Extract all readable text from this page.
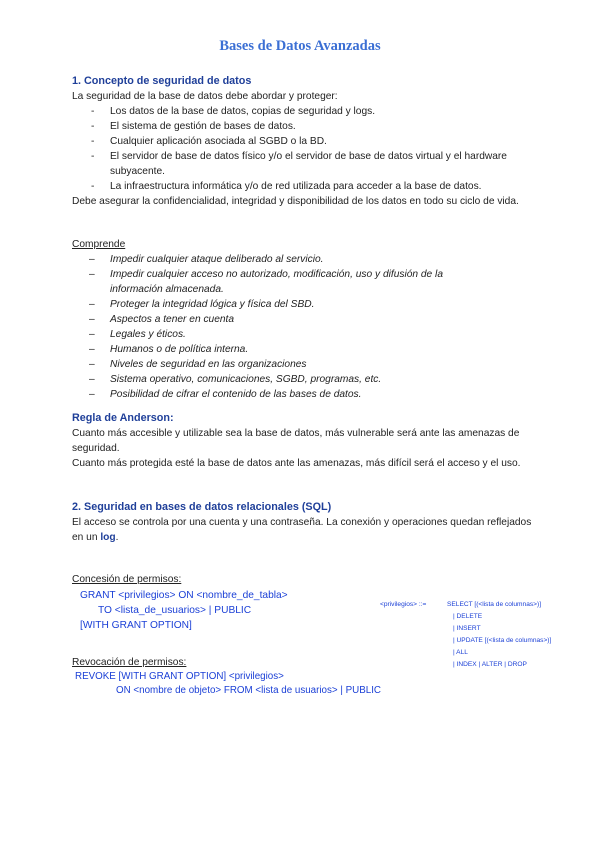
Bases de Datos Avanzadas
1. Concepto de seguridad de datos

La seguridad de la base de datos debe abordar y proteger:

- Los datos de la base de datos, copias de seguridad y logs.
- El sistema de gestión de bases de datos.
- Cualquier aplicación asociada al SGBD o la BD.
- El servidor de base de datos físico y/o el servidor de base de datos virtual y el hardware subyacente.
- La infraestructura informática y/o de red utilizada para acceder a la base de datos.

Debe asegurar la confidencialidad, integridad y disponibilidad de los datos en todo su ciclo de vida.

Comprende
– Impedir cualquier ataque deliberado al servicio.
– Impedir cualquier acceso no autorizado, modificación, uso y difusión de la información almacenada.
– Proteger la integridad lógica y física del SBD.
– Aspectos a tener en cuenta
– Legales y éticos.
– Humanos o de política interna.
– Niveles de seguridad en las organizaciones
– Sistema operativo, comunicaciones, SGBD, programas, etc.
– Posibilidad de cifrar el contenido de las bases de datos.
Regla de Anderson:

Cuanto más accesible y utilizable sea la base de datos, más vulnerable será ante las amenazas de seguridad.

Cuanto más protegida esté la base de datos ante las amenazas, más difícil será el acceso y el uso.

2. Seguridad en bases de datos relacionales (SQL)

El acceso se controla por una cuenta y una contraseña. La conexión y operaciones quedan reflejados en un log.

Concesión de permisos:
GRANT <privilegios> ON <nombre_de_tabla>
TO <lista_de_usuarios> | PUBLIC
[WITH GRANT OPTION]
<privilegios> ::=	SELECT [(<lista de columnas>)]
| DELETE
| INSERT
| UPDATE [(<lista de columnas>)]
| ALL
| INDEX | ALTER | DROP
Revocación de permisos:
REVOKE [WITH GRANT OPTION] <privilegios>
ON <nombre de objeto> FROM <lista de usuarios> | PUBLIC
